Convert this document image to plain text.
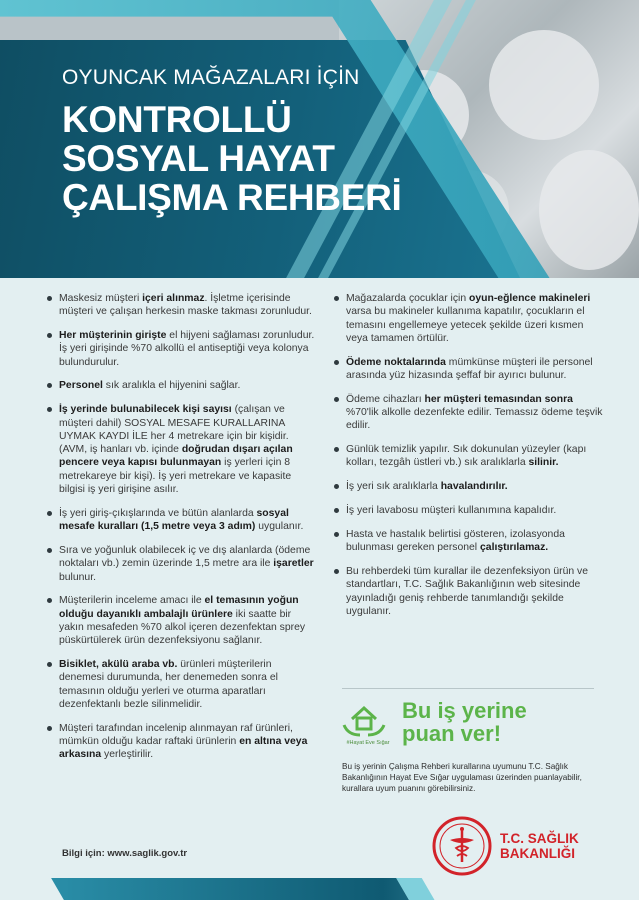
OYUNCAK MAĞAZALARI İÇİN
KONTROLLÜ
SOSYAL HAYAT
ÇALIŞMA REHBERİ
Maskesiz müşteri içeri alınmaz. İşletme içerisinde müşteri ve çalışan herkesin maske takması zorunludur.
Her müşterinin girişte el hijyeni sağlaması zorunludur. İş yeri girişinde %70 alkollü el antiseptiği veya kolonya bulundurulur.
Personel sık aralıkla el hijyenini sağlar.
İş yerinde bulunabilecek kişi sayısı (çalışan ve müşteri dahil) SOSYAL MESAFE KURALLARINA UYMAK KAYDI İLE her 4 metrekare için bir kişidir. (AVM, iş hanları vb. içinde doğrudan dışarı açılan pencere veya kapısı bulunmayan iş yerleri için 8 metrekareye bir kişi). İş yeri metrekare ve kapasite bilgisi iş yeri girişine asılır.
İş yeri giriş-çıkışlarında ve bütün alanlarda sosyal mesafe kuralları (1,5 metre veya 3 adım) uygulanır.
Sıra ve yoğunluk olabilecek iç ve dış alanlarda (ödeme noktaları vb.) zemin üzerinde 1,5 metre ara ile işaretler bulunur.
Müşterilerin inceleme amacı ile el temasının yoğun olduğu dayanıklı ambalajlı ürünlere iki saatte bir yakın mesafeden %70 alkol içeren dezenfektan sprey püskürtülerek ürün dezenfeksiyonu sağlanır.
Bisiklet, akülü araba vb. ürünleri müşterilerin denemesi durumunda, her denemeden sonra el temasının olduğu yerleri ve oturma aparatları dezenfektanlı bezle silinmelidir.
Müşteri tarafından incelenip alınmayan raf ürünleri, mümkün olduğu kadar raftaki ürünlerin en altına veya arkasına yerleştirilir.
Mağazalarda çocuklar için oyun-eğlence makineleri varsa bu makineler kullanıma kapatılır, çocukların el temasını engellemeye yetecek şekilde üzeri kısmen veya tamamen örtülür.
Ödeme noktalarında mümkünse müşteri ile personel arasında yüz hizasında şeffaf bir ayırıcı bulunur.
Ödeme cihazları her müşteri temasından sonra %70'lik alkolle dezenfekte edilir. Temassız ödeme teşvik edilir.
Günlük temizlik yapılır. Sık dokunulan yüzeyler (kapı kolları, tezgâh üstleri vb.) sık aralıklarla silinir.
İş yeri sık aralıklarla havalandırılır.
İş yeri lavabosu müşteri kullanımına kapalıdır.
Hasta ve hastalık belirtisi gösteren, izolasyonda bulunması gereken personel çalıştırılamaz.
Bu rehberdeki tüm kurallar ile dezenfeksiyon ürün ve standartları, T.C. Sağlık Bakanlığının web sitesinde yayınladığı geniş rehberde tanımlandığı şekilde uygulanır.
#Hayat Eve Sığar
Bu iş yerine
puan ver!
Bu iş yerinin Çalışma Rehberi kurallarına uyumunu T.C. Sağlık Bakanlığının Hayat Eve Sığar uygulaması üzerinden puanlayabilir, kurallara uyum puanını görebilirsiniz.
Bilgi için: www.saglik.gov.tr
T.C. SAĞLIK
BAKANLIĞI
